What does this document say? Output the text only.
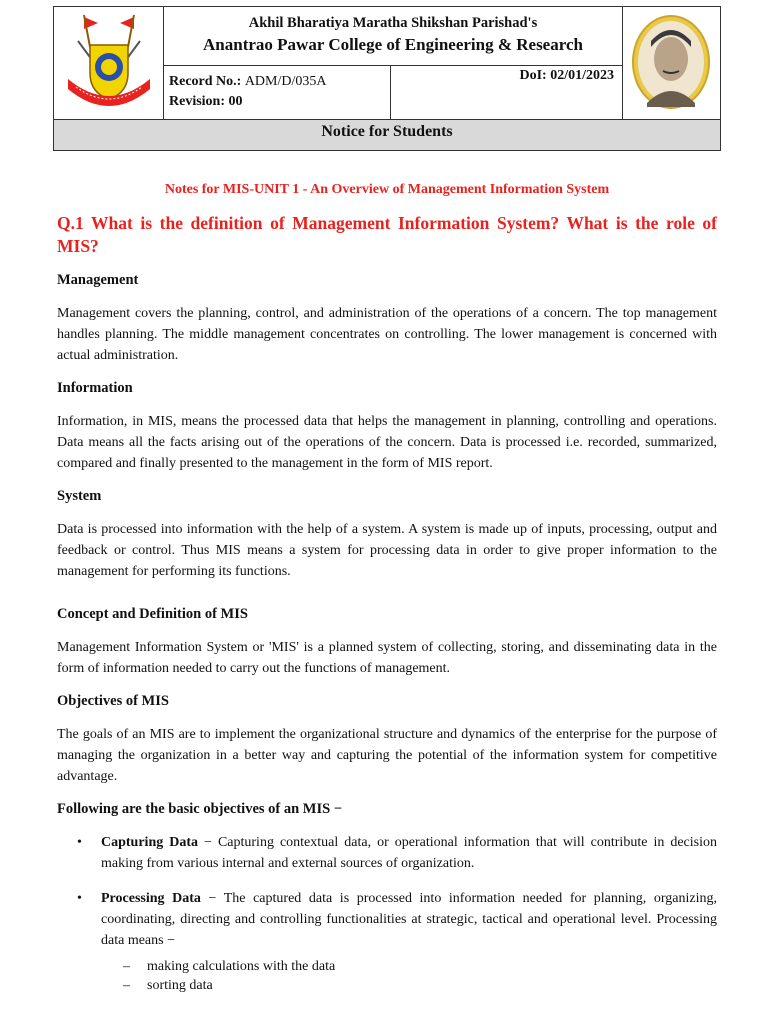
Akhil Bharatiya Maratha Shikshan Parishad's
Anantrao Pawar College of Engineering & Research
Record No.: ADM/D/035A
Revision: 00
DoI: 02/01/2023
Notice for Students
Notes for MIS-UNIT 1 - An Overview of Management Information System
Q.1 What is the definition of Management Information System? What is the role of MIS?
Management

Management covers the planning, control, and administration of the operations of a concern. The top management handles planning. The middle management concentrates on controlling. The lower management is concerned with actual administration.

Information

Information, in MIS, means the processed data that helps the management in planning, controlling and operations. Data means all the facts arising out of the operations of the concern. Data is processed i.e. recorded, summarized, compared and finally presented to the management in the form of MIS report.

System

Data is processed into information with the help of a system. A system is made up of inputs, processing, output and feedback or control. Thus MIS means a system for processing data in order to give proper information to the management for performing its functions.

Concept and Definition of MIS

Management Information System or 'MIS' is a planned system of collecting, storing, and disseminating data in the form of information needed to carry out the functions of management.

Objectives of MIS

The goals of an MIS are to implement the organizational structure and dynamics of the enterprise for the purpose of managing the organization in a better way and capturing the potential of the information system for competitive advantage.

Following are the basic objectives of an MIS −
• Capturing Data − Capturing contextual data, or operational information that will contribute in decision making from various internal and external sources of organization.
• Processing Data − The captured data is processed into information needed for planning, organizing, coordinating, directing and controlling functionalities at strategic, tactical and operational level. Processing data means −
– making calculations with the data
– sorting data
